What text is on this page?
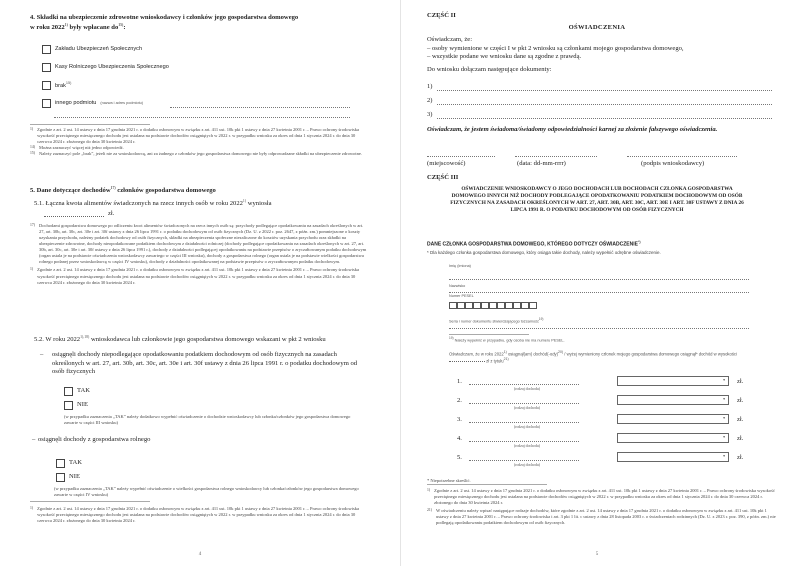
4. Składki na ubezpieczenie zdrowotne wnioskodawcy i członków jego gospodarstwa domowego
w roku 2022$^{1)}$ były wpłacane $do^{15)}$:
Zakładu Ubezpieczeń Społecznych
Kasy Rolniczego Ubezpieczenia Społecznego
brak$^{15)}$
innego podmiotu (nazwa i adres podmiotu)
1) Zgodnie z art. 2 ust. 14 ustawy z dnia 17 grudnia 2021 r. o dodatku osłonowym w związku z art. 411 ust. 10k pkt 1 ustawy z dnia 27 kwietnia 2001 r. – Prawo ochrony środowiska wysokość przeciętnego miesięcznego dochodu jest ustalana na podstawie dochodów osiągniętych w 2022 r. w przypadku wniosku za okres od dnia 1 stycznia 2024 r. do dnia 30 czerwca 2024 r. złożonego do dnia 30 kwietnia 2024 r.
14) Można zaznaczyć więcej niż jedno odpowiedź.
15) Należy zaznaczyć pole „brak”, jeżeli nie za wnioskodawcę, ani za żadnego z członków jego gospodarstwa domowego nie były odprowadzane składki na ubezpieczenie zdrowotne.
5. Dane dotyczące dochodów$^{17)}$ członków gospodarstwa domowego
5.1. Łączna kwota alimentów świadczonych na rzecz innych osób w roku 2022$^{1)}$ wyniosła
zł.
17) Dochodami gospodarstwa domowego po odliczeniu kwot alimentów świadczonych na rzecz innych osób są: przychody podlegające opodatkowaniu na zasadach określonych w art. 27, art. 30b, art. 30c, art. 30e i art. 30f ustawy z dnia 26 lipca 1991 r. o podatku dochodowym od osób fizycznych (Dz. U. z 2022 r. poz. 2647, z późn. zm.) pomniejszone o koszty uzyskania przychodu, należny podatek dochodowy od osób fizycznych, składki na ubezpieczenia społeczne niezaliczone do kosztów uzyskania przychodu oraz składki na ubezpieczenie zdrowotne, dochody nieopodatkowane podatkiem dochodowym z działalności rolniczej (dochody podlegające opodatkowaniu na zasadach określonych w art. 27, art. 30b, art. 30c, art. 30e i art. 30f ustawy z dnia 26 lipca 1991 r.), dochody z działalności podlegającej opodatkowaniu na podstawie przepisów o zryczałtowanym podatku dochodowym (organ ustala je na podstawie oświadczenia wnioskodawcy zawartego w części III wniosku), dochody z gospodarstwa rolnego (organ ustala je na podstawie wielkości gospodarstwa rolnego podanej przez wnioskodawcę w części IV wniosku), dochody z działalności opodatkowanej na podstawie przepisów o zryczałtowanym podatku dochodowym.
1) Zgodnie z art. 2 ust. 14 ustawy z dnia 17 grudnia 2021 r. o dodatku osłonowym w związku z art. 411 ust. 10k pkt 1 ustawy z dnia 27 kwietnia 2001 r. – Prawo ochrony środowiska wysokość przeciętnego miesięcznego dochodu jest ustalana na podstawie dochodów osiągniętych w 2022 r. w przypadku wniosku za okres od dnia 1 stycznia 2024 r. do dnia 30 czerwca 2024 r. złożonego do dnia 30 kwietnia 2024 r.
5.2. W roku $2022^{1),18)}$ wnioskodawca lub członkowie jego gospodarstwa domowego wskazani w pkt 2 wniosku
– osiągnęli dochody niepodlegające opodatkowaniu podatkiem dochodowym od osób fizycznych na zasadach określonych w art. 27, art. 30b, art. 30c, art. 30e i art. 30f ustawy z dnia 26 lipca 1991 r. o podatku dochodowym od osób fizycznych
TAK
NIE
(w przypadku zaznaczenia „TAK” należy dodatkowo wypełnić oświadczenie o dochodzie wnioskodawcy lub członka/członków jego gospodarstwa domowego zawarte w części III wniosku)
– osiągnęli dochody z gospodarstwa rolnego
TAK
NIE
(w przypadku zaznaczenia „TAK” należy wypełnić oświadczenie o wielkości gospodarstwa rolnego wnioskodawcy lub członka/członków jego gospodarstwa domowego zawarte w części IV wniosku)
1) Zgodnie z art. 2 ust. 14 ustawy z dnia 17 grudnia 2021 r. o dodatku osłonowym w związku z art. 411 ust. 10k pkt 1 ustawy z dnia 27 kwietnia 2001 r. – Prawo ochrony środowiska wysokość przeciętnego miesięcznego dochodu jest ustalana na podstawie dochodów osiągniętych w 2022 r. w przypadku wniosku za okres od dnia 1 stycznia 2024 r. do dnia 30 czerwca 2024 r. złożonego do dnia 30 kwietnia 2024 r.
4
CZĘŚĆ II
OŚWIADCZENIA
Oświadczam, że:
– osoby wymienione w części I w pkt 2 wniosku są członkami mojego gospodarstwa domowego,
– wszystkie podane we wniosku dane są zgodne z prawdą.
Do wniosku dołączam następujące dokumenty:
1)
2)
3)
Oświadczam, że jestem świadoma/świadomy odpowiedzialności karnej za złożenie fałszywego oświadczenia.
(miejscowość)	(data: dd-mm-rrrr)	(podpis wnioskodawcy)
CZĘŚĆ III
OŚWIADCZENIE WNIOSKODAWCY O JEGO DOCHODACH LUB DOCHODACH CZŁONKA GOSPODARSTWA DOMOWEGO INNYCH NIŻ DOCHODY PODLEGAJĄCE OPODATKOWANIU PODATKIEM DOCHODOWYM OD OSÓB FIZYCZNYCH NA ZASADACH OKREŚLONYCH W ART. 27, ART. 30B, ART. 30C, ART. 30E I ART. 30F USTAWY Z DNIA 26 LIPCA 1991 R. O PODATKU DOCHODOWYM OD OSÓB FIZYCZNYCH
DANE CZŁONKA GOSPODARSTWA DOMOWEGO, KTÓREGO DOTYCZY OŚWIADCZENIE*)
* Dla każdego członka gospodarstwa domowego, który osiąga takie dochody, należy wypełnić odrębne oświadczenie.
Imię (imiona)
Nazwisko
Numer PESEL
Seria i numer dokumentu stwierdzającego tożsamość$^{19)}$
$^{19)}$ Należy wypełnić w przypadku, gdy osoba nie ma numeru PESEL.
Oświadczam, że w roku 2022$^{1)}$ osiągnął(am) $dochód(-ody)^{20)}$ / wyżej wymieniony członek mojego gospodarstwa domowego osiągnął* dochód w wysokości  zł z tytułu$^{21)}$
1.
(rodzaj dochodu)
▾ zł.
2.
(rodzaj dochodu)
▾ zł.
3.
(rodzaj dochodu)
▾ zł.
4.
(rodzaj dochodu)
▾ zł.
5.
(rodzaj dochodu)
▾ zł.
* Niepotrzebne skreślić.
1) Zgodnie z art. 2 ust. 14 ustawy z dnia 17 grudnia 2021 r. o dodatku osłonowym w związku z art. 411 ust. 10k pkt 1 ustawy z dnia 27 kwietnia 2001 r. – Prawo ochrony środowiska wysokość przeciętnego miesięcznego dochodu jest ustalana na podstawie dochodów osiągniętych w 2022 r. w przypadku wniosku za okres od dnia 1 stycznia 2024 r. do dnia 30 czerwca 2024 r. złożonego do dnia 30 kwietnia 2024 r.
21) W oświadczeniu należy wpisać następujące rodzaje dochodów, które zgodnie z art. 2 ust. 14 ustawy z dnia 17 grudnia 2021 r. o dodatku osłonowym w związku z art. 411 ust. 10k pkt 1 ustawy z dnia 27 kwietnia 2001 r. – Prawo ochrony środowiska i art. 3 pkt 1 lit. c ustawy z dnia 28 listopada 2003 r. o świadczeniach rodzinnych (Dz. U. z 2023 r. poz. 390, z późn. zm.) nie podlegają opodatkowaniu podatkiem dochodowym od osób fizycznych.
5
